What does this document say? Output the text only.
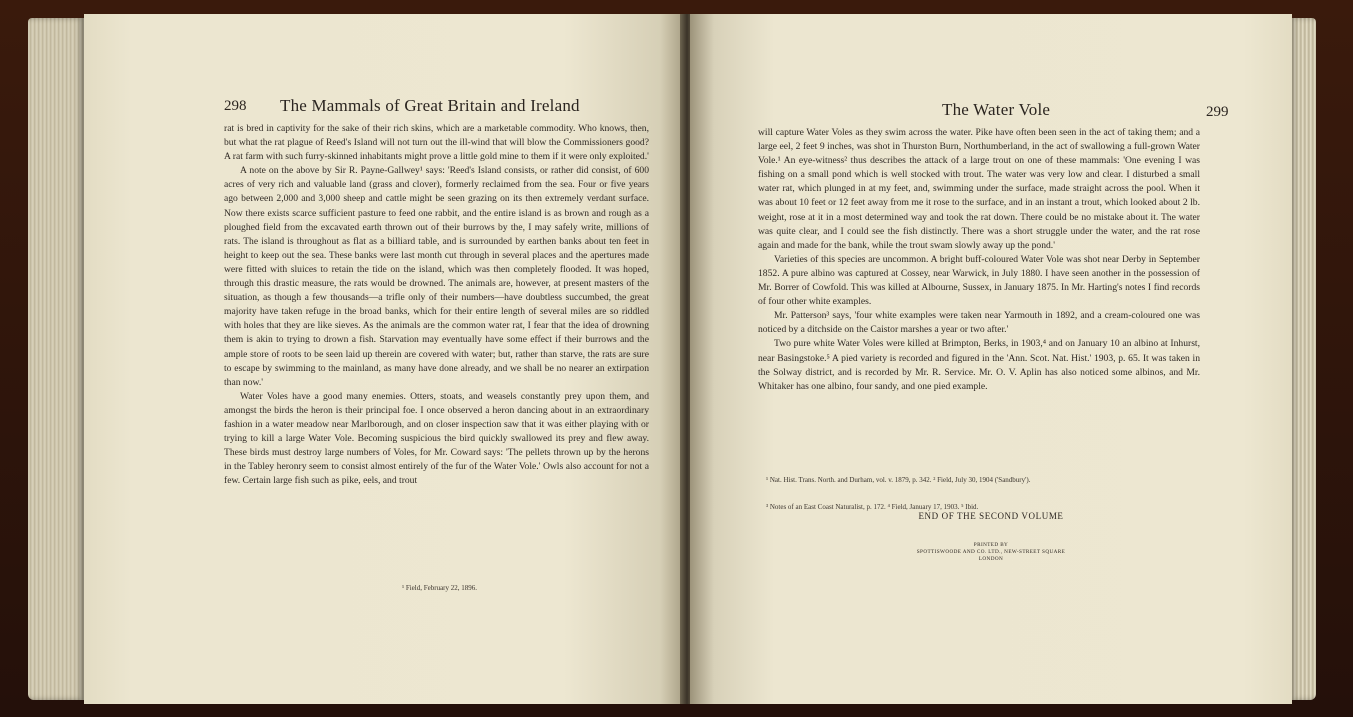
298 The Mammals of Great Britain and Ireland

rat is bred in captivity for the sake of their rich skins, which are a marketable commodity. Who knows, then, but what the rat plague of Reed's Island will not turn out the ill-wind that will blow the Commissioners good? A rat farm with such furry-skinned inhabitants might prove a little gold mine to them if it were only exploited.'

A note on the above by Sir R. Payne-Gallwey¹ says: 'Reed's Island consists, or rather did consist, of 600 acres of very rich and valuable land (grass and clover), formerly reclaimed from the sea. Four or five years ago between 2,000 and 3,000 sheep and cattle might be seen grazing on its then extremely verdant surface. Now there exists scarce sufficient pasture to feed one rabbit, and the entire island is as brown and rough as a ploughed field from the excavated earth thrown out of their burrows by the, I may safely write, millions of rats. The island is throughout as flat as a billiard table, and is surrounded by earthen banks about ten feet in height to keep out the sea. These banks were last month cut through in several places and the apertures made were fitted with sluices to retain the tide on the island, which was then completely flooded. It was hoped, through this drastic measure, the rats would be drowned. The animals are, however, at present masters of the situation, as though a few thousands—a trifle only of their numbers—have doubtless succumbed, the great majority have taken refuge in the broad banks, which for their entire length of several miles are so riddled with holes that they are like sieves. As the animals are the common water rat, I fear that the idea of drowning them is akin to trying to drown a fish. Starvation may eventually have some effect if their burrows and the ample store of roots to be seen laid up therein are covered with water; but, rather than starve, the rats are sure to escape by swimming to the mainland, as many have done already, and we shall be no nearer an extirpation than now.'

Water Voles have a good many enemies. Otters, stoats, and weasels constantly prey upon them, and amongst the birds the heron is their principal foe. I once observed a heron dancing about in an extraordinary fashion in a water meadow near Marlborough, and on closer inspection saw that it was either playing with or trying to kill a large Water Vole. Becoming suspicious the bird quickly swallowed its prey and flew away. These birds must destroy large numbers of Voles, for Mr. Coward says: 'The pellets thrown up by the herons in the Tabley heronry seem to consist almost entirely of the fur of the Water Vole.' Owls also account for not a few. Certain large fish such as pike, eels, and trout

¹ Field, February 22, 1896.
The Water Vole	299

will capture Water Voles as they swim across the water. Pike have often been seen in the act of taking them; and a large eel, 2 feet 9 inches, was shot in Thurston Burn, Northumberland, in the act of swallowing a full-grown Water Vole.¹ An eye-witness² thus describes the attack of a large trout on one of these mammals: 'One evening I was fishing on a small pond which is well stocked with trout. The water was very low and clear. I disturbed a small water rat, which plunged in at my feet, and, swimming under the surface, made straight across the pool. When it was about 10 feet or 12 feet away from me it rose to the surface, and in an instant a trout, which looked about 2 lb. weight, rose at it in a most determined way and took the rat down. There could be no mistake about it. The water was quite clear, and I could see the fish distinctly. There was a short struggle under the water, and the rat rose again and made for the bank, while the trout swam slowly away up the pond.'

Varieties of this species are uncommon. A bright buff-coloured Water Vole was shot near Derby in September 1852. A pure albino was captured at Cossey, near Warwick, in July 1880. I have seen another in the possession of Mr. Borrer of Cowfold. This was killed at Albourne, Sussex, in January 1875. In Mr. Harting's notes I find records of four other white examples.

Mr. Patterson³ says, 'four white examples were taken near Yarmouth in 1892, and a cream-coloured one was noticed by a ditchside on the Caistor marshes a year or two after.'

Two pure white Water Voles were killed at Brimpton, Berks, in 1903,⁴ and on January 10 an albino at Inhurst, near Basingstoke.⁵ A pied variety is recorded and figured in the 'Ann. Scot. Nat. Hist.' 1903, p. 65. It was taken in the Solway district, and is recorded by Mr. R. Service. Mr. O. V. Aplin has also noticed some albinos, and Mr. Whitaker has one albino, four sandy, and one pied example.

¹ Nat. Hist. Trans. North. and Durham, vol. v. 1879, p. 342. ² Field, July 30, 1904 ('Sandbury').

³ Notes of an East Coast Naturalist, p. 172. ⁴ Field, January 17, 1903. ⁵ Ibid.

END OF THE SECOND VOLUME
PRINTED BY
SPOTTISWOODE AND CO. LTD., NEW-STREET SQUARE
LONDON
